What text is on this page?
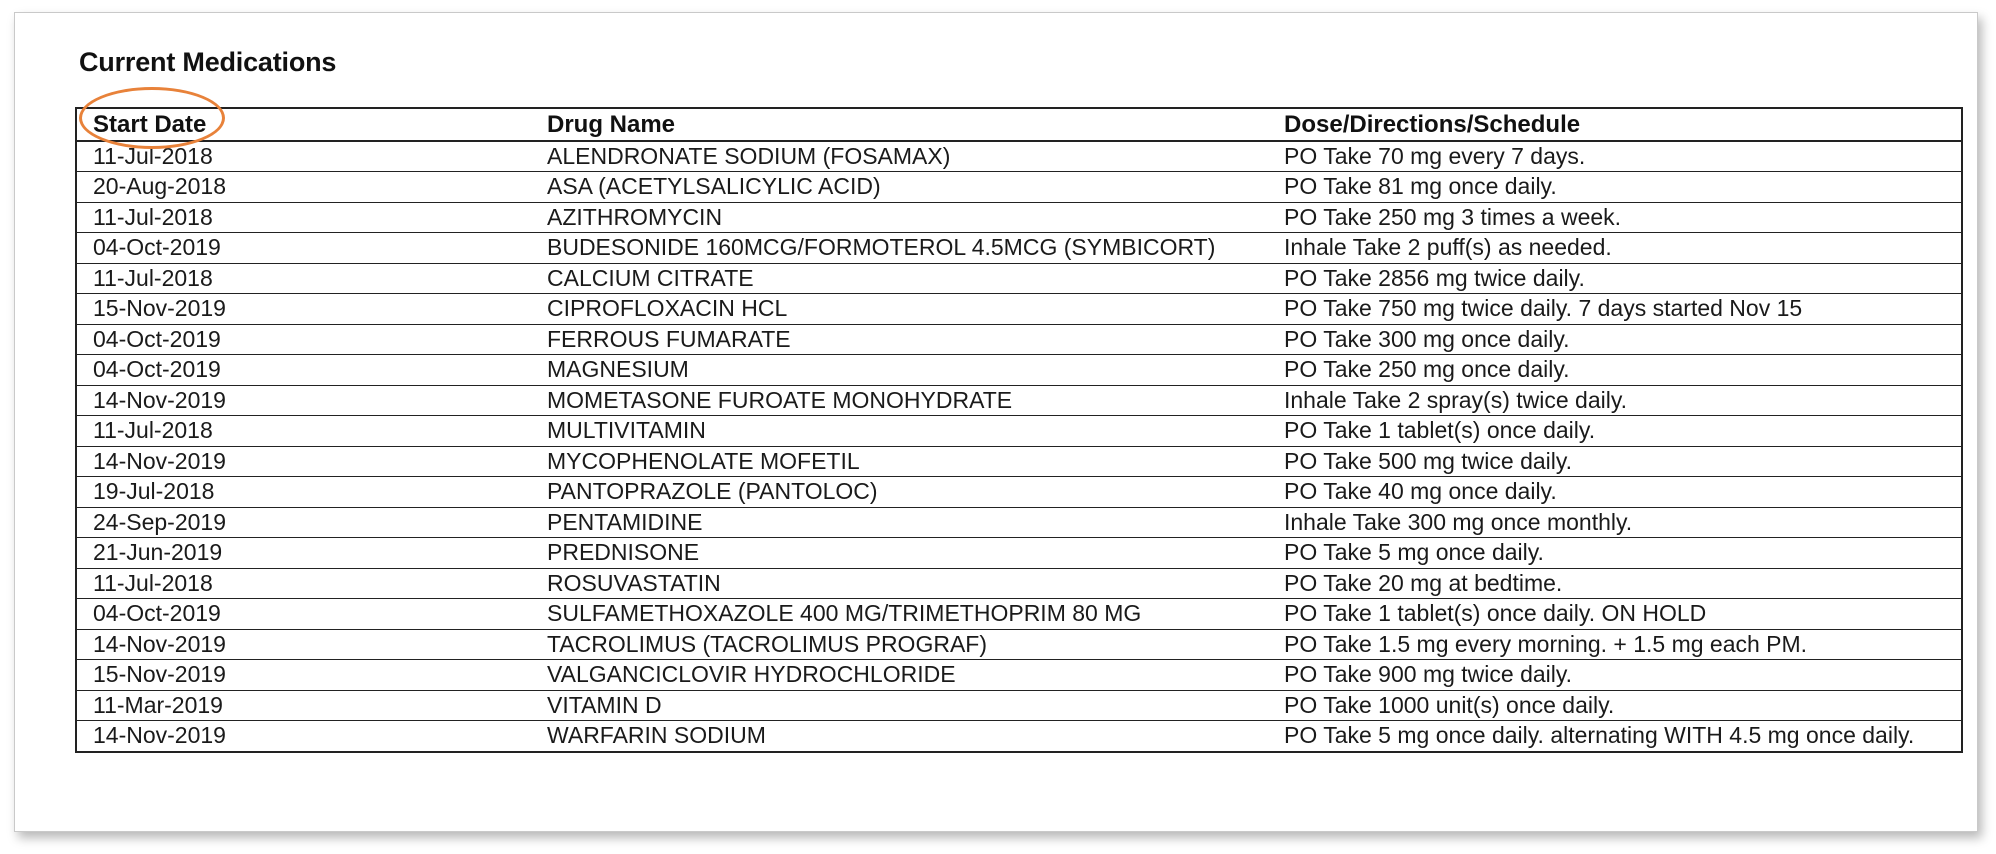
Current Medications
Start Date	Drug Name	Dose/Directions/Schedule
11-Jul-2018	ALENDRONATE SODIUM (FOSAMAX)	PO Take 70 mg every 7 days.
20-Aug-2018	ASA (ACETYLSALICYLIC ACID)	PO Take 81 mg once daily.
11-Jul-2018	AZITHROMYCIN	PO Take 250 mg 3 times a week.
04-Oct-2019	BUDESONIDE 160MCG/FORMOTEROL 4.5MCG (SYMBICORT)	Inhale Take 2 puff(s) as needed.
11-Jul-2018	CALCIUM CITRATE	PO Take 2856 mg twice daily.
15-Nov-2019	CIPROFLOXACIN HCL	PO Take 750 mg twice daily. 7 days started Nov 15
04-Oct-2019	FERROUS FUMARATE	PO Take 300 mg once daily.
04-Oct-2019	MAGNESIUM	PO Take 250 mg once daily.
14-Nov-2019	MOMETASONE FUROATE MONOHYDRATE	Inhale Take 2 spray(s) twice daily.
11-Jul-2018	MULTIVITAMIN	PO Take 1 tablet(s) once daily.
14-Nov-2019	MYCOPHENOLATE MOFETIL	PO Take 500 mg twice daily.
19-Jul-2018	PANTOPRAZOLE (PANTOLOC)	PO Take 40 mg once daily.
24-Sep-2019	PENTAMIDINE	Inhale Take 300 mg once monthly.
21-Jun-2019	PREDNISONE	PO Take 5 mg once daily.
11-Jul-2018	ROSUVASTATIN	PO Take 20 mg at bedtime.
04-Oct-2019	SULFAMETHOXAZOLE 400 MG/TRIMETHOPRIM 80 MG	PO Take 1 tablet(s) once daily. ON HOLD
14-Nov-2019	TACROLIMUS (TACROLIMUS PROGRAF)	PO Take 1.5 mg every morning. + 1.5 mg each PM.
15-Nov-2019	VALGANCICLOVIR HYDROCHLORIDE	PO Take 900 mg twice daily.
11-Mar-2019	VITAMIN D	PO Take 1000 unit(s) once daily.
14-Nov-2019	WARFARIN SODIUM	PO Take 5 mg once daily. alternating WITH 4.5 mg once daily.
